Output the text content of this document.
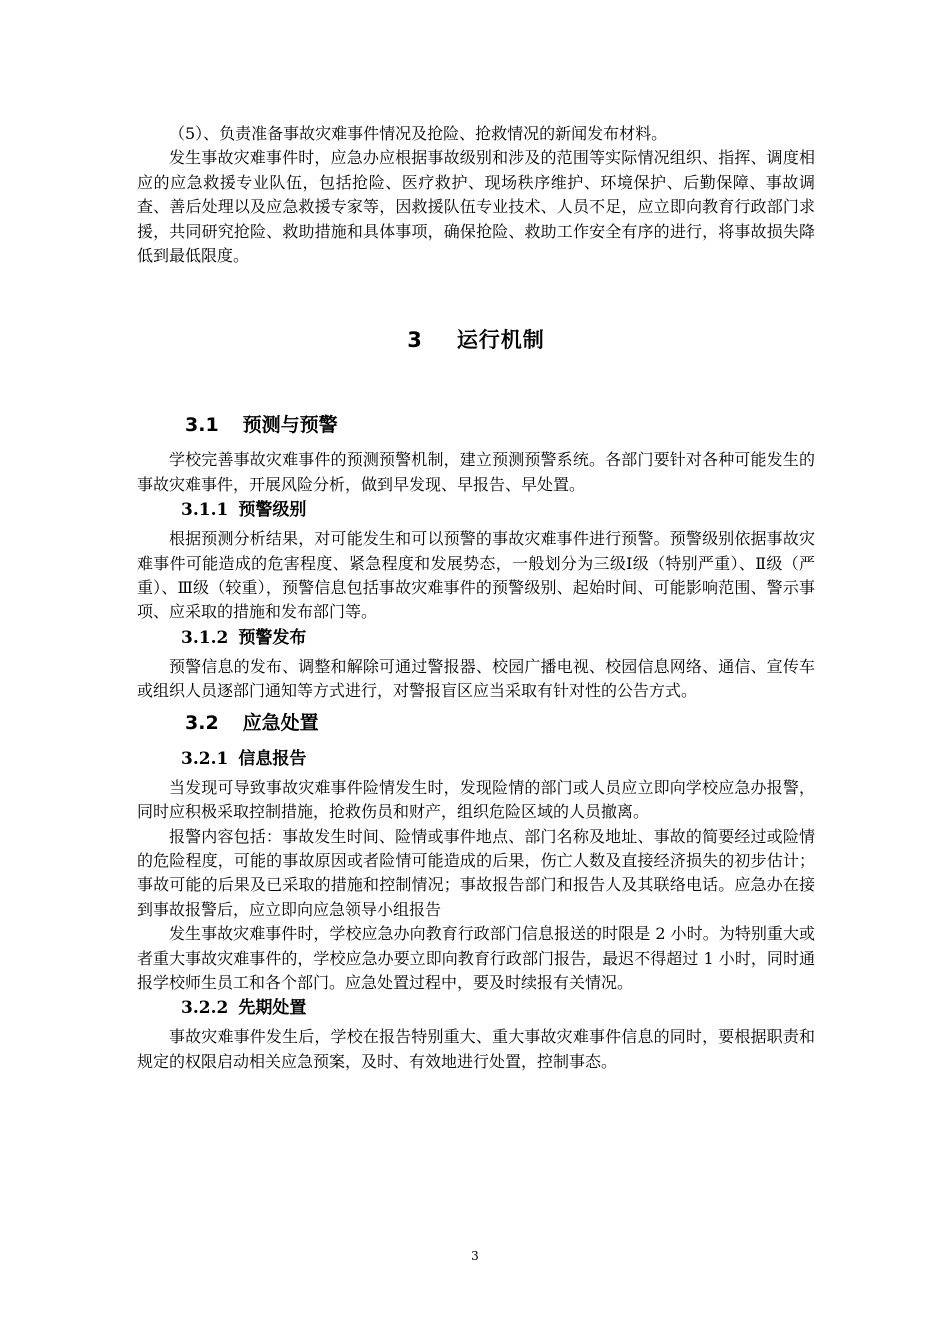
（5）、负责准备事故灾难事件情况及抢险、抢救情况的新闻发布材料。

发生事故灾难事件时，应急办应根据事故级别和涉及的范围等实际情况组织、指挥、调度相应的应急救援专业队伍，包括抢险、医疗救护、现场秩序维护、环境保护、后勤保障、事故调查、善后处理以及应急救援专家等，因救援队伍专业技术、人员不足，应立即向教育行政部门求援，共同研究抢险、救助措施和具体事项，确保抢险、救助工作安全有序的进行，将事故损失降低到最低限度。

3 运行机制
3.1 预测与预警

学校完善事故灾难事件的预测预警机制，建立预测预警系统。各部门要针对各种可能发生的事故灾难事件，开展风险分析，做到早发现、早报告、早处置。

3.1.1 预警级别

根据预测分析结果，对可能发生和可以预警的事故灾难事件进行预警。预警级别依据事故灾难事件可能造成的危害程度、紧急程度和发展势态，一般划分为三级Ⅰ级（特别严重）、Ⅱ级（严重）、Ⅲ级（较重），预警信息包括事故灾难事件的预警级别、起始时间、可能影响范围、警示事项、应采取的措施和发布部门等。

3.1.2 预警发布

预警信息的发布、调整和解除可通过警报器、校园广播电视、校园信息网络、通信、宣传车或组织人员逐部门通知等方式进行，对警报盲区应当采取有针对性的公告方式。

3.2 应急处置
3.2.1 信息报告

当发现可导致事故灾难事件险情发生时，发现险情的部门或人员应立即向学校应急办报警，同时应积极采取控制措施，抢救伤员和财产，组织危险区域的人员撤离。

报警内容包括：事故发生时间、险情或事件地点、部门名称及地址、事故的简要经过或险情的危险程度，可能的事故原因或者险情可能造成的后果，伤亡人数及直接经济损失的初步估计；事故可能的后果及已采取的措施和控制情况；事故报告部门和报告人及其联络电话。应急办在接到事故报警后，应立即向应急领导小组报告

发生事故灾难事件时，学校应急办向教育行政部门信息报送的时限是 2 小时。为特别重大或者重大事故灾难事件的，学校应急办要立即向教育行政部门报告，最迟不得超过 1 小时，同时通报学校师生员工和各个部门。应急处置过程中，要及时续报有关情况。

3.2.2 先期处置

事故灾难事件发生后，学校在报告特别重大、重大事故灾难事件信息的同时，要根据职责和规定的权限启动相关应急预案，及时、有效地进行处置，控制事态。

3
